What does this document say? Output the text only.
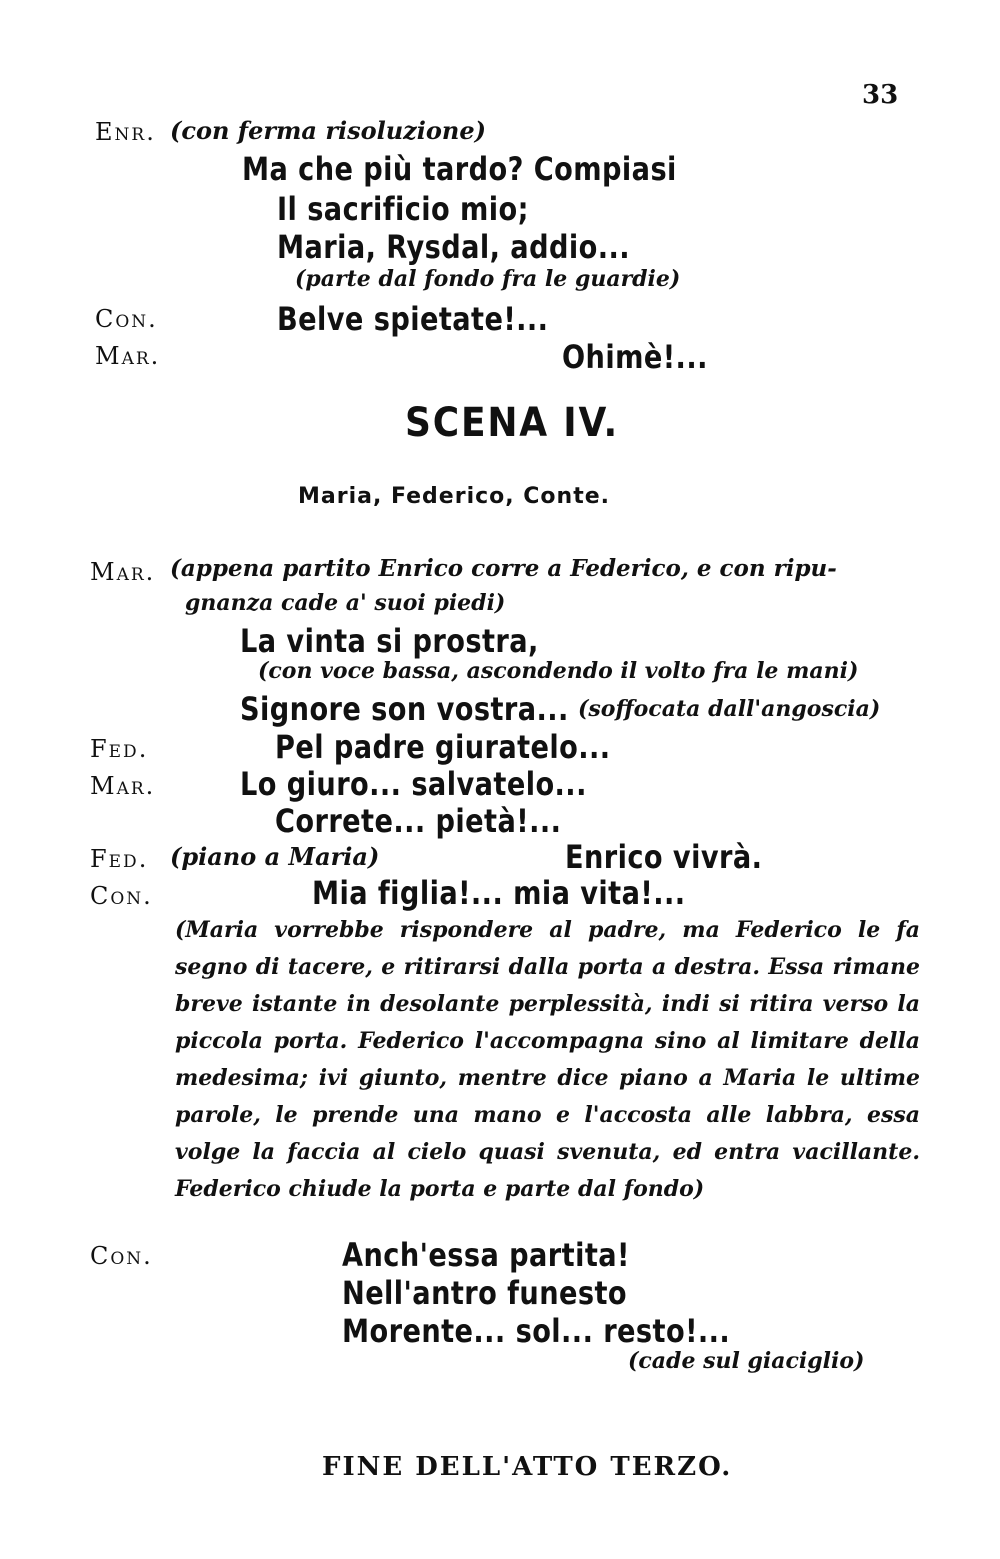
33
Enr. (con ferma risoluzione)
Ma che più tardo? Compiasi
Il sacrificio mio;
Maria, Rysdal, addio...
(parte dal fondo fra le guardie)
Con.	Belve spietate!...
Mar.	Ohimè!...
SCENA IV.
Maria, Federico, Conte.
Mar. (appena partito Enrico corre a Federico, e con ripu-
gnanza cade a' suoi piedi)
La vinta si prostra,
(con voce bassa, ascondendo il volto fra le mani)
Signore son vostra... (soffocata dall'angoscia)
Fed.	Pel padre giuratelo...
Mar.	Lo giuro... salvatelo...
Correte... pietà!...
Fed. (piano a Maria)	Enrico vivrà.
Con.	Mia figlia!... mia vita!...
(Maria vorrebbe rispondere al padre, ma Federico le fa segno di tacere, e ritirarsi dalla porta a destra. Essa rimane breve istante in desolante perplessità, indi si ritira verso la piccola porta. Federico l'accompagna sino al limitare della medesima; ivi giunto, mentre dice piano a Maria le ultime parole, le prende una mano e l'accosta alle labbra, essa volge la faccia al cielo quasi svenuta, ed entra vacillante. Federico chiude la porta e parte dal fondo)
Con.	Anch'essa partita!
Nell'antro funesto
Morente... sol... resto!...
(cade sul giaciglio)
FINE DELL'ATTO TERZO.
